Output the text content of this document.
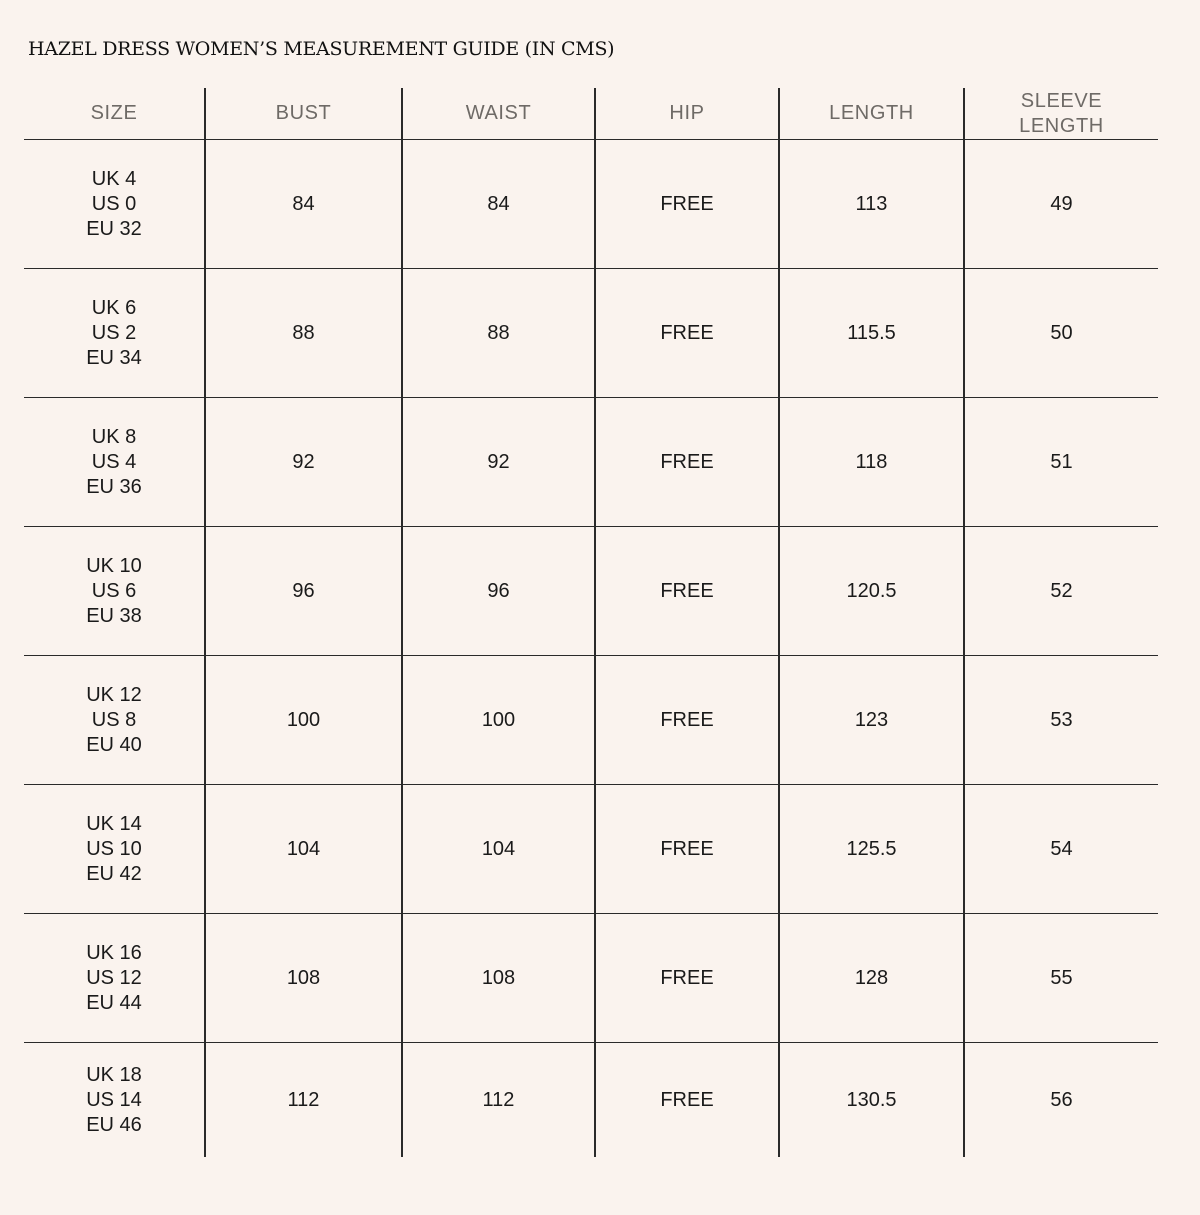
HAZEL DRESS WOMEN’S MEASUREMENT GUIDE (IN CMS)
SIZE	BUST	WAIST	HIP	LENGTH	SLEEVE
LENGTH

UK 4
US 0
EU 32	84	84	FREE	113	49

UK 6
US 2
EU 34	88	88	FREE	115.5	50

UK 8
US 4
EU 36	92	92	FREE	118	51

UK 10
US 6
EU 38	96	96	FREE	120.5	52

UK 12
US 8
EU 40	100	100	FREE	123	53

UK 14
US 10
EU 42	104	104	FREE	125.5	54

UK 16
US 12
EU 44	108	108	FREE	128	55

UK 18
US 14
EU 46	112	112	FREE	130.5	56
